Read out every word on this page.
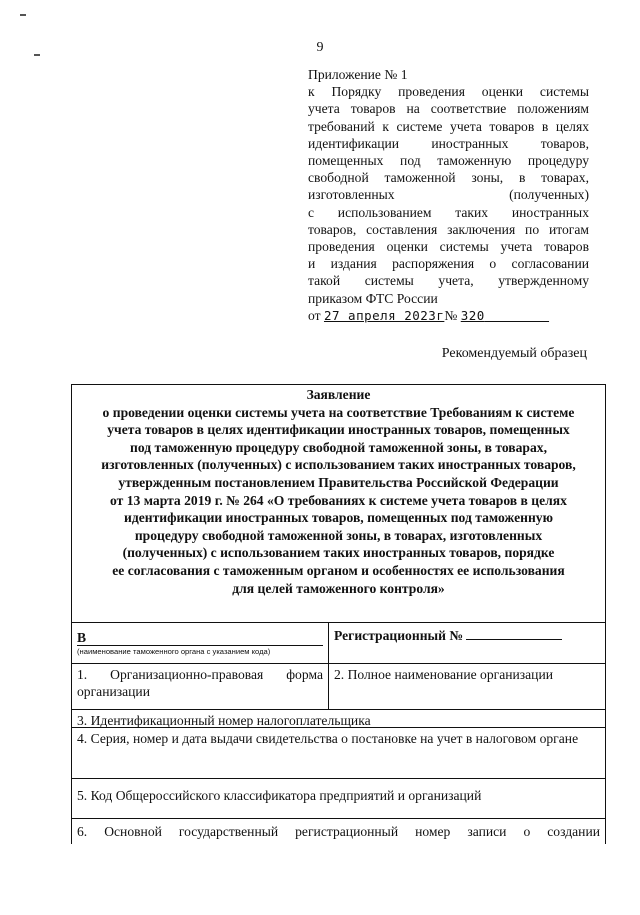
9
Приложение № 1
к Порядку проведения оценки системы
учета товаров на соответствие положениям
требований к системе учета товаров в целях
идентификации иностранных товаров,
помещенных под таможенную процедуру
свободной таможенной зоны, в товарах,
изготовленных (полученных)
с использованием таких иностранных
товаров, составления заключения по итогам
проведения оценки системы учета товаров
и издания распоряжения о согласовании
такой системы учета, утвержденному
приказом ФТС России
от 27 апреля 2023г№ 320
Рекомендуемый образец
Заявление
о проведении оценки системы учета на соответствие Требованиям к системе
учета товаров в целях идентификации иностранных товаров, помещенных
под таможенную процедуру свободной таможенной зоны, в товарах,
изготовленных (полученных) с использованием таких иностранных товаров,
утвержденным постановлением Правительства Российской Федерации
от 13 марта 2019 г. № 264 «О требованиях к системе учета товаров в целях
идентификации иностранных товаров, помещенных под таможенную
процедуру свободной таможенной зоны, в товарах, изготовленных
(полученных) с использованием таких иностранных товаров, порядке
ее согласования с таможенным органом и особенностях ее использования
для целей таможенного контроля»
В
(наименование таможенного органа с указанием кода)
Регистрационный №
1. Организационно-правовая форма организации
2. Полное наименование организации
3. Идентификационный номер налогоплательщика
4. Серия, номер и дата выдачи свидетельства о постановке на учет в налоговом органе
5. Код Общероссийского классификатора предприятий и организаций
6. Основной государственный регистрационный номер записи о создании
